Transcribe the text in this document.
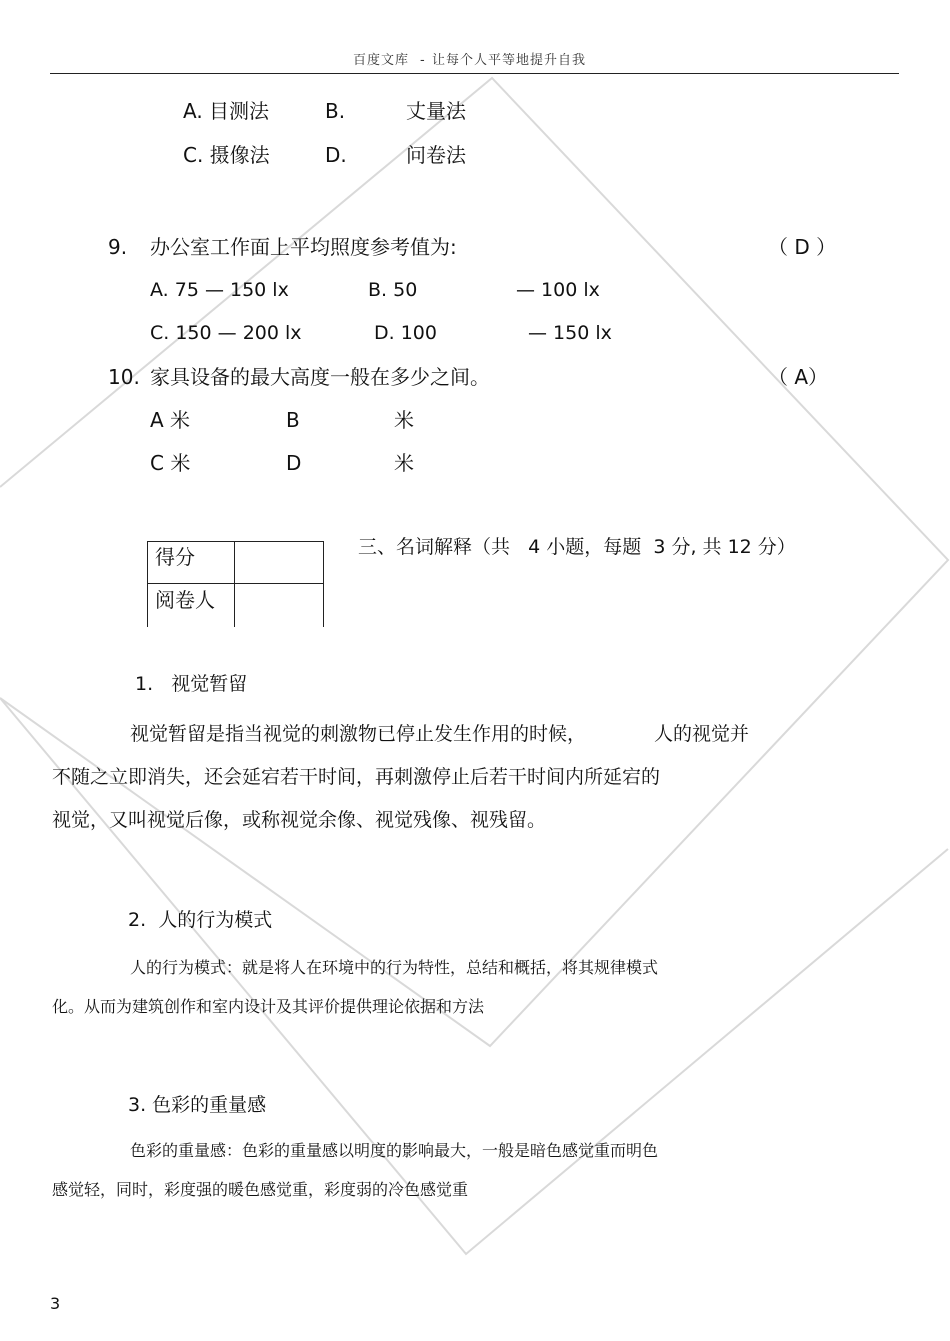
百度文库 - 让每个人平等地提升自我
A. 目测法	B.	丈量法
C. 摄像法	D.	问卷法
9. 办公室工作面上平均照度参考值为:	（ D ）
A. 75 — 150 lx	B. 50	— 100 lx
C. 150 — 200 lx	D. 100	— 150 lx
10. 家具设备的最大高度一般在多少之间。	（ A）
A 米	B	米
C 米	D	米
得分
阅卷人
三、名词解释（共   4 小题，每题  3 分, 共 12 分）
1.   视觉暂留
视觉暂留是指当视觉的刺激物已停止发生作用的时候，	人的视觉并
不随之立即消失，还会延宕若干时间，再刺激停止后若干时间内所延宕的
视觉，又叫视觉后像，或称视觉余像、视觉残像、视残留。
2.  人的行为模式
人的行为模式：就是将人在环境中的行为特性，总结和概括，将其规律模式
化。从而为建筑创作和室内设计及其评价提供理论依据和方法
3. 色彩的重量感
色彩的重量感：色彩的重量感以明度的影响最大，一般是暗色感觉重而明色
感觉轻，同时，彩度强的暖色感觉重，彩度弱的冷色感觉重
3
